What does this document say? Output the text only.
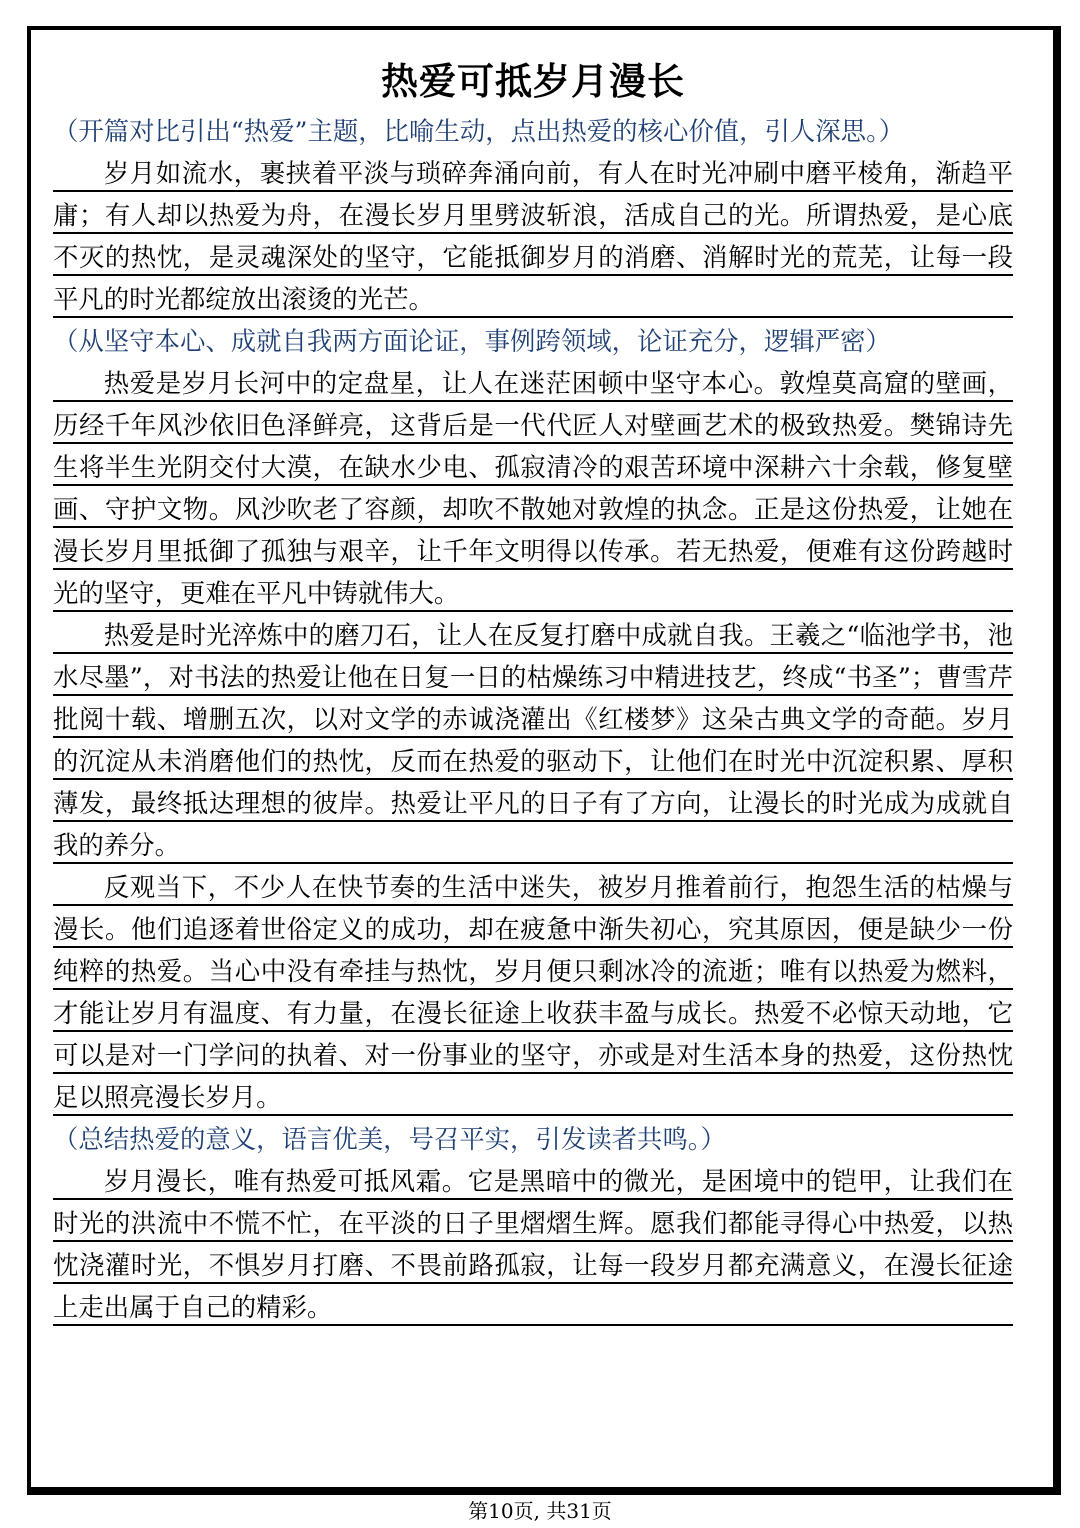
热爱可抵岁月漫长

（开篇对比引出“热爱”主题，比喻生动，点出热爱的核心价值，引人深思。）

岁月如流水，裹挟着平淡与琐碎奔涌向前，有人在时光冲刷中磨平棱角，渐趋平庸；有人却以热爱为舟，在漫长岁月里劈波斩浪，活成自己的光。所谓热爱，是心底不灭的热忱，是灵魂深处的坚守，它能抵御岁月的消磨、消解时光的荒芜，让每一段平凡的时光都绽放出滚烫的光芒。

（从坚守本心、成就自我两方面论证，事例跨领域，论证充分，逻辑严密）

热爱是岁月长河中的定盘星，让人在迷茫困顿中坚守本心。敦煌莫高窟的壁画，历经千年风沙依旧色泽鲜亮，这背后是一代代匠人对壁画艺术的极致热爱。樊锦诗先生将半生光阴交付大漠，在缺水少电、孤寂清冷的艰苦环境中深耕六十余载，修复壁画、守护文物。风沙吹老了容颜，却吹不散她对敦煌的执念。正是这份热爱，让她在漫长岁月里抵御了孤独与艰辛，让千年文明得以传承。若无热爱，便难有这份跨越时光的坚守，更难在平凡中铸就伟大。

热爱是时光淬炼中的磨刀石，让人在反复打磨中成就自我。王羲之“临池学书，池水尽墨”，对书法的热爱让他在日复一日的枯燥练习中精进技艺，终成“书圣”；曹雪芹批阅十载、增删五次，以对文学的赤诚浇灌出《红楼梦》这朵古典文学的奇葩。岁月的沉淀从未消磨他们的热忱，反而在热爱的驱动下，让他们在时光中沉淀积累、厚积薄发，最终抵达理想的彼岸。热爱让平凡的日子有了方向，让漫长的时光成为成就自我的养分。

反观当下，不少人在快节奏的生活中迷失，被岁月推着前行，抱怨生活的枯燥与漫长。他们追逐着世俗定义的成功，却在疲惫中渐失初心，究其原因，便是缺少一份纯粹的热爱。当心中没有牵挂与热忱，岁月便只剩冰冷的流逝；唯有以热爱为燃料，才能让岁月有温度、有力量，在漫长征途上收获丰盈与成长。热爱不必惊天动地，它可以是对一门学问的执着、对一份事业的坚守，亦或是对生活本身的热爱，这份热忱足以照亮漫长岁月。

（总结热爱的意义，语言优美，号召平实，引发读者共鸣。）

岁月漫长，唯有热爱可抵风霜。它是黑暗中的微光，是困境中的铠甲，让我们在时光的洪流中不慌不忙，在平淡的日子里熠熠生辉。愿我们都能寻得心中热爱，以热忱浇灌时光，不惧岁月打磨、不畏前路孤寂，让每一段岁月都充满意义，在漫长征途上走出属于自己的精彩。

第10页, 共31页
